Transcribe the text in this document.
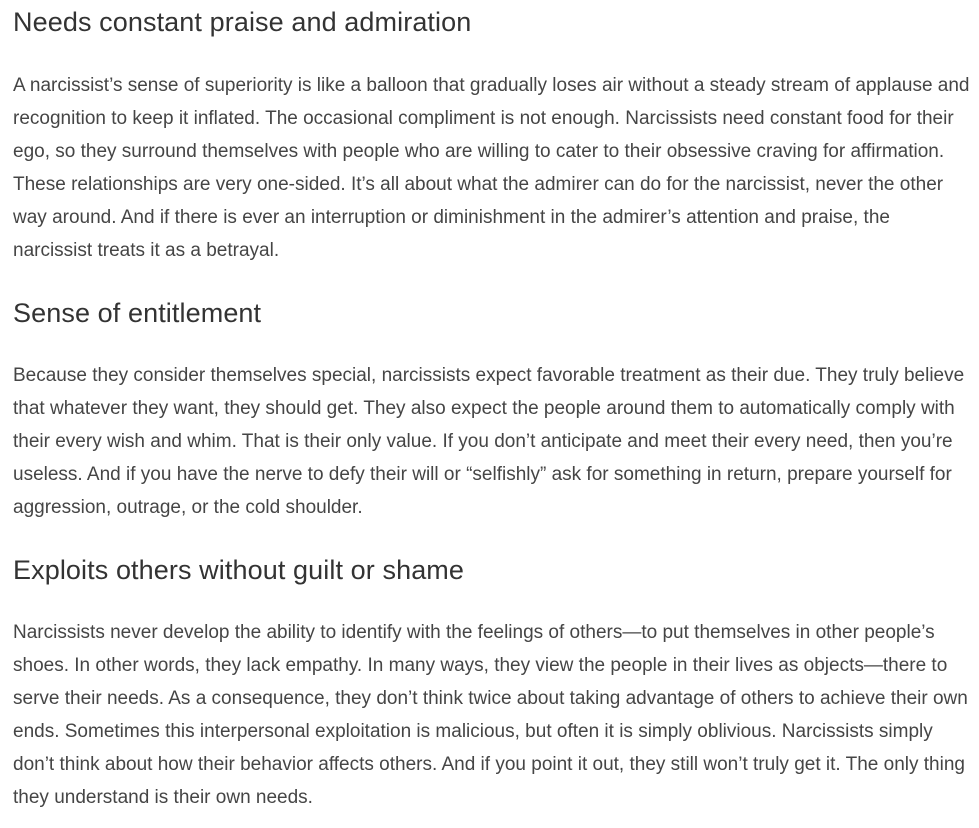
Needs constant praise and admiration

A narcissist’s sense of superiority is like a balloon that gradually loses air without a steady stream of applause and recognition to keep it inflated. The occasional compliment is not enough. Narcissists need constant food for their ego, so they surround themselves with people who are willing to cater to their obsessive craving for affirmation. These relationships are very one-sided. It’s all about what the admirer can do for the narcissist, never the other way around. And if there is ever an interruption or diminishment in the admirer’s attention and praise, the narcissist treats it as a betrayal.

Sense of entitlement

Because they consider themselves special, narcissists expect favorable treatment as their due. They truly believe that whatever they want, they should get. They also expect the people around them to automatically comply with their every wish and whim. That is their only value. If you don’t anticipate and meet their every need, then you’re useless. And if you have the nerve to defy their will or “selfishly” ask for something in return, prepare yourself for aggression, outrage, or the cold shoulder.

Exploits others without guilt or shame

Narcissists never develop the ability to identify with the feelings of others—to put themselves in other people’s shoes. In other words, they lack empathy. In many ways, they view the people in their lives as objects—there to serve their needs. As a consequence, they don’t think twice about taking advantage of others to achieve their own ends. Sometimes this interpersonal exploitation is malicious, but often it is simply oblivious. Narcissists simply don’t think about how their behavior affects others. And if you point it out, they still won’t truly get it. The only thing they understand is their own needs.
